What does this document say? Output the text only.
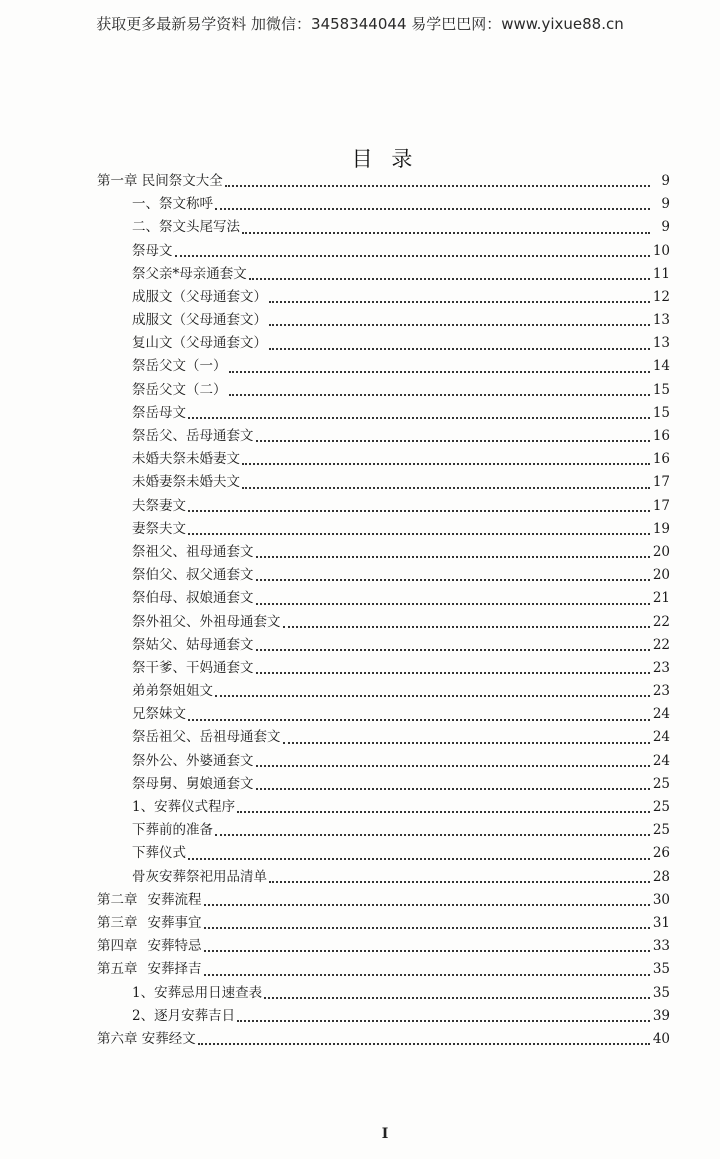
获取更多最新易学资料 加微信：3458344044 易学巴巴网：www.yixue88.cn
目 录
第一章 民间祭文大全	9
一、祭文称呼	9
二、祭文头尾写法	9
祭母文	10
祭父亲*母亲通套文	11
成服文（父母通套文）	12
成服文（父母通套文）	13
复山文（父母通套文）	13
祭岳父文（一）	14
祭岳父文（二）	15
祭岳母文	15
祭岳父、岳母通套文	16
未婚夫祭未婚妻文	16
未婚妻祭未婚夫文	17
夫祭妻文	17
妻祭夫文	19
祭祖父、祖母通套文	20
祭伯父、叔父通套文	20
祭伯母、叔娘通套文	21
祭外祖父、外祖母通套文	22
祭姑父、姑母通套文	22
祭干爹、干妈通套文	23
弟弟祭姐姐文	23
兄祭妹文	24
祭岳祖父、岳祖母通套文	24
祭外公、外婆通套文	24
祭母舅、舅娘通套文	25
1、安葬仪式程序	25
下葬前的准备	25
下葬仪式	26
骨灰安葬祭祀用品清单	28
第二章 安葬流程	30
第三章 安葬事宜	31
第四章 安葬特忌	33
第五章 安葬择吉	35
1、安葬忌用日速查表	35
2、逐月安葬吉日	39
第六章 安葬经文	40
I
